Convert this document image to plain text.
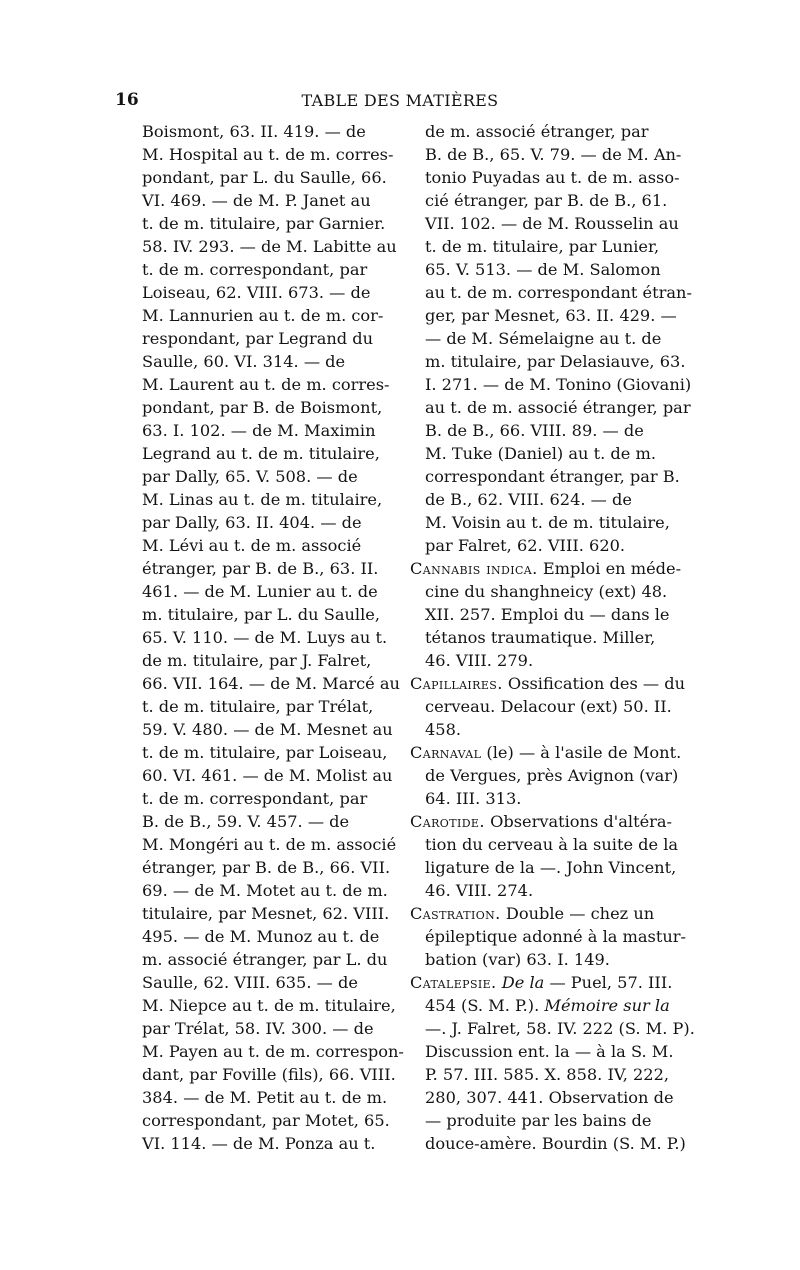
16	TABLE DES MATIÈRES
Boismont, 63. II. 419. — de
M. Hospital au t. de m. corres-
pondant, par L. du Saulle, 66.
VI. 469. — de M. P. Janet au
t. de m. titulaire, par Garnier.
58. IV. 293. — de M. Labitte au
t. de m. correspondant, par
Loiseau, 62. VIII. 673. — de
M. Lannurien au t. de m. cor-
respondant, par Legrand du
Saulle, 60. VI. 314. — de
M. Laurent au t. de m. corres-
pondant, par B. de Boismont,
63. I. 102. — de M. Maximin
Legrand au t. de m. titulaire,
par Dally, 65. V. 508. — de
M. Linas au t. de m. titulaire,
par Dally, 63. II. 404. — de
M. Lévi au t. de m. associé
étranger, par B. de B., 63. II.
461. — de M. Lunier au t. de
m. titulaire, par L. du Saulle,
65. V. 110. — de M. Luys au t.
de m. titulaire, par J. Falret,
66. VII. 164. — de M. Marcé au
t. de m. titulaire, par Trélat,
59. V. 480. — de M. Mesnet au
t. de m. titulaire, par Loiseau,
60. VI. 461. — de M. Molist au
t. de m. correspondant, par
B. de B., 59. V. 457. — de
M. Mongéri au t. de m. associé
étranger, par B. de B., 66. VII.
69. — de M. Motet au t. de m.
titulaire, par Mesnet, 62. VIII.
495. — de M. Munoz au t. de
m. associé étranger, par L. du
Saulle, 62. VIII. 635. — de
M. Niepce au t. de m. titulaire,
par Trélat, 58. IV. 300. — de
M. Payen au t. de m. correspon-
dant, par Foville (fils), 66. VIII.
384. — de M. Petit au t. de m.
correspondant, par Motet, 65.
VI. 114. — de M. Ponza au t.
de m. associé étranger, par
B. de B., 65. V. 79. — de M. An-
tonio Puyadas au t. de m. asso-
cié étranger, par B. de B., 61.
VII. 102. — de M. Rousselin au
t. de m. titulaire, par Lunier,
65. V. 513. — de M. Salomon
au t. de m. correspondant étran-
ger, par Mesnet, 63. II. 429. —
— de M. Sémelaigne au t. de
m. titulaire, par Delasiauve, 63.
I. 271. — de M. Tonino (Giovani)
au t. de m. associé étranger, par
B. de B., 66. VIII. 89. — de
M. Tuke (Daniel) au t. de m.
correspondant étranger, par B.
de B., 62. VIII. 624. — de
M. Voisin au t. de m. titulaire,
par Falret, 62. VIII. 620.
Cannabis indica. Emploi en méde-
cine du shanghneicy (ext) 48.
XII. 257. Emploi du — dans le
tétanos traumatique. Miller,
46. VIII. 279.
Capillaires. Ossification des — du
cerveau. Delacour (ext) 50. II.
458.
Carnaval (le) — à l'asile de Mont.
de Vergues, près Avignon (var)
64. III. 313.
Carotide. Observations d'altéra-
tion du cerveau à la suite de la
ligature de la —. John Vincent,
46. VIII. 274.
Castration. Double — chez un
épileptique adonné à la mastur-
bation (var) 63. I. 149.
Catalepsie. De la — Puel, 57. III.
454 (S. M. P.). Mémoire sur la
—. J. Falret, 58. IV. 222 (S. M. P).
Discussion ent. la — à la S. M.
P. 57. III. 585. X. 858. IV, 222,
280, 307. 441. Observation de
— produite par les bains de
douce-amère. Bourdin (S. M. P.)
